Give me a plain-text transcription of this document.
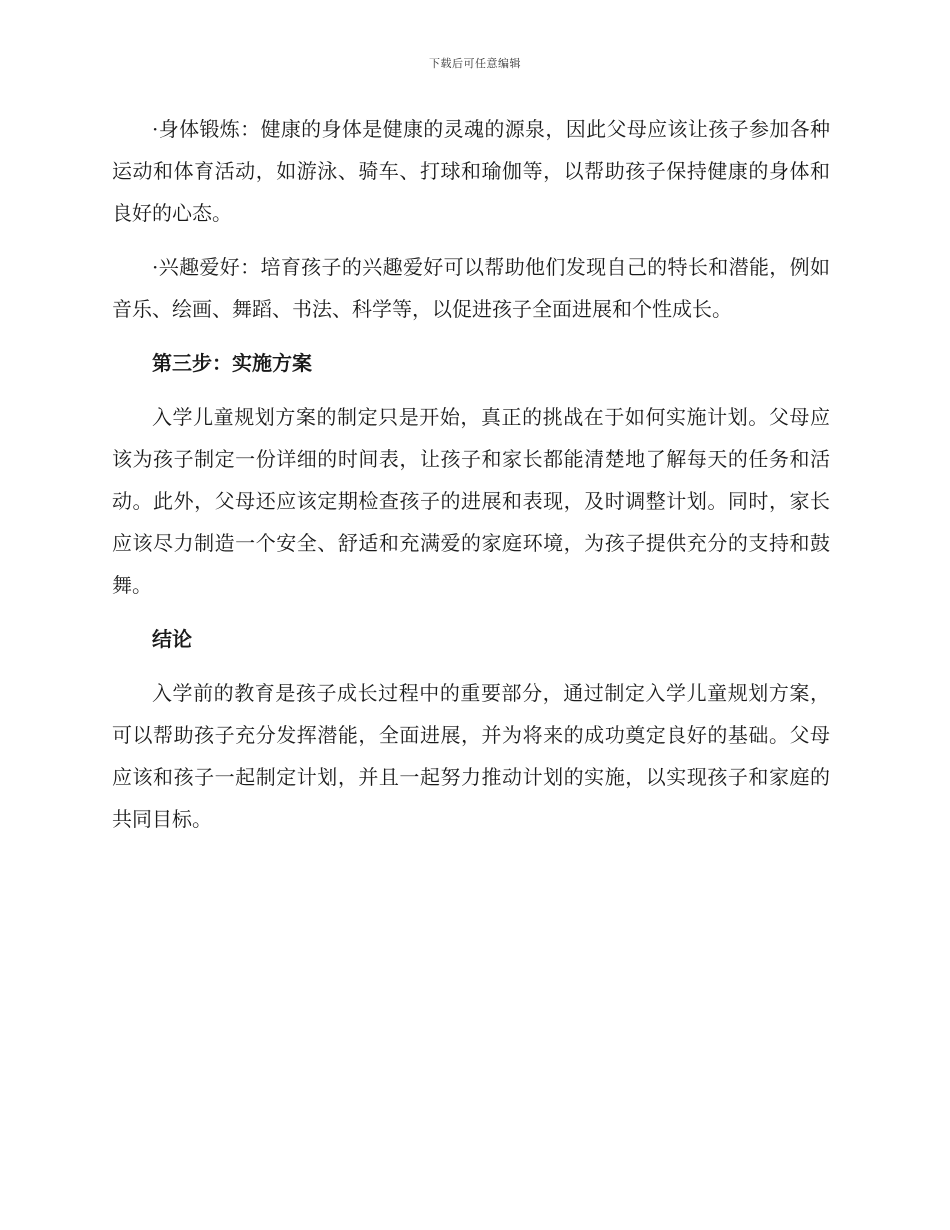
下载后可任意编辑

·身体锻炼：健康的身体是健康的灵魂的源泉，因此父母应该让孩子参加各种运动和体育活动，如游泳、骑车、打球和瑜伽等，以帮助孩子保持健康的身体和良好的心态。

·兴趣爱好：培育孩子的兴趣爱好可以帮助他们发现自己的特长和潜能，例如音乐、绘画、舞蹈、书法、科学等，以促进孩子全面进展和个性成长。

第三步：实施方案

入学儿童规划方案的制定只是开始，真正的挑战在于如何实施计划。父母应该为孩子制定一份详细的时间表，让孩子和家长都能清楚地了解每天的任务和活动。此外，父母还应该定期检查孩子的进展和表现，及时调整计划。同时，家长应该尽力制造一个安全、舒适和充满爱的家庭环境，为孩子提供充分的支持和鼓舞。

结论

入学前的教育是孩子成长过程中的重要部分，通过制定入学儿童规划方案，可以帮助孩子充分发挥潜能，全面进展，并为将来的成功奠定良好的基础。父母应该和孩子一起制定计划，并且一起努力推动计划的实施，以实现孩子和家庭的共同目标。
